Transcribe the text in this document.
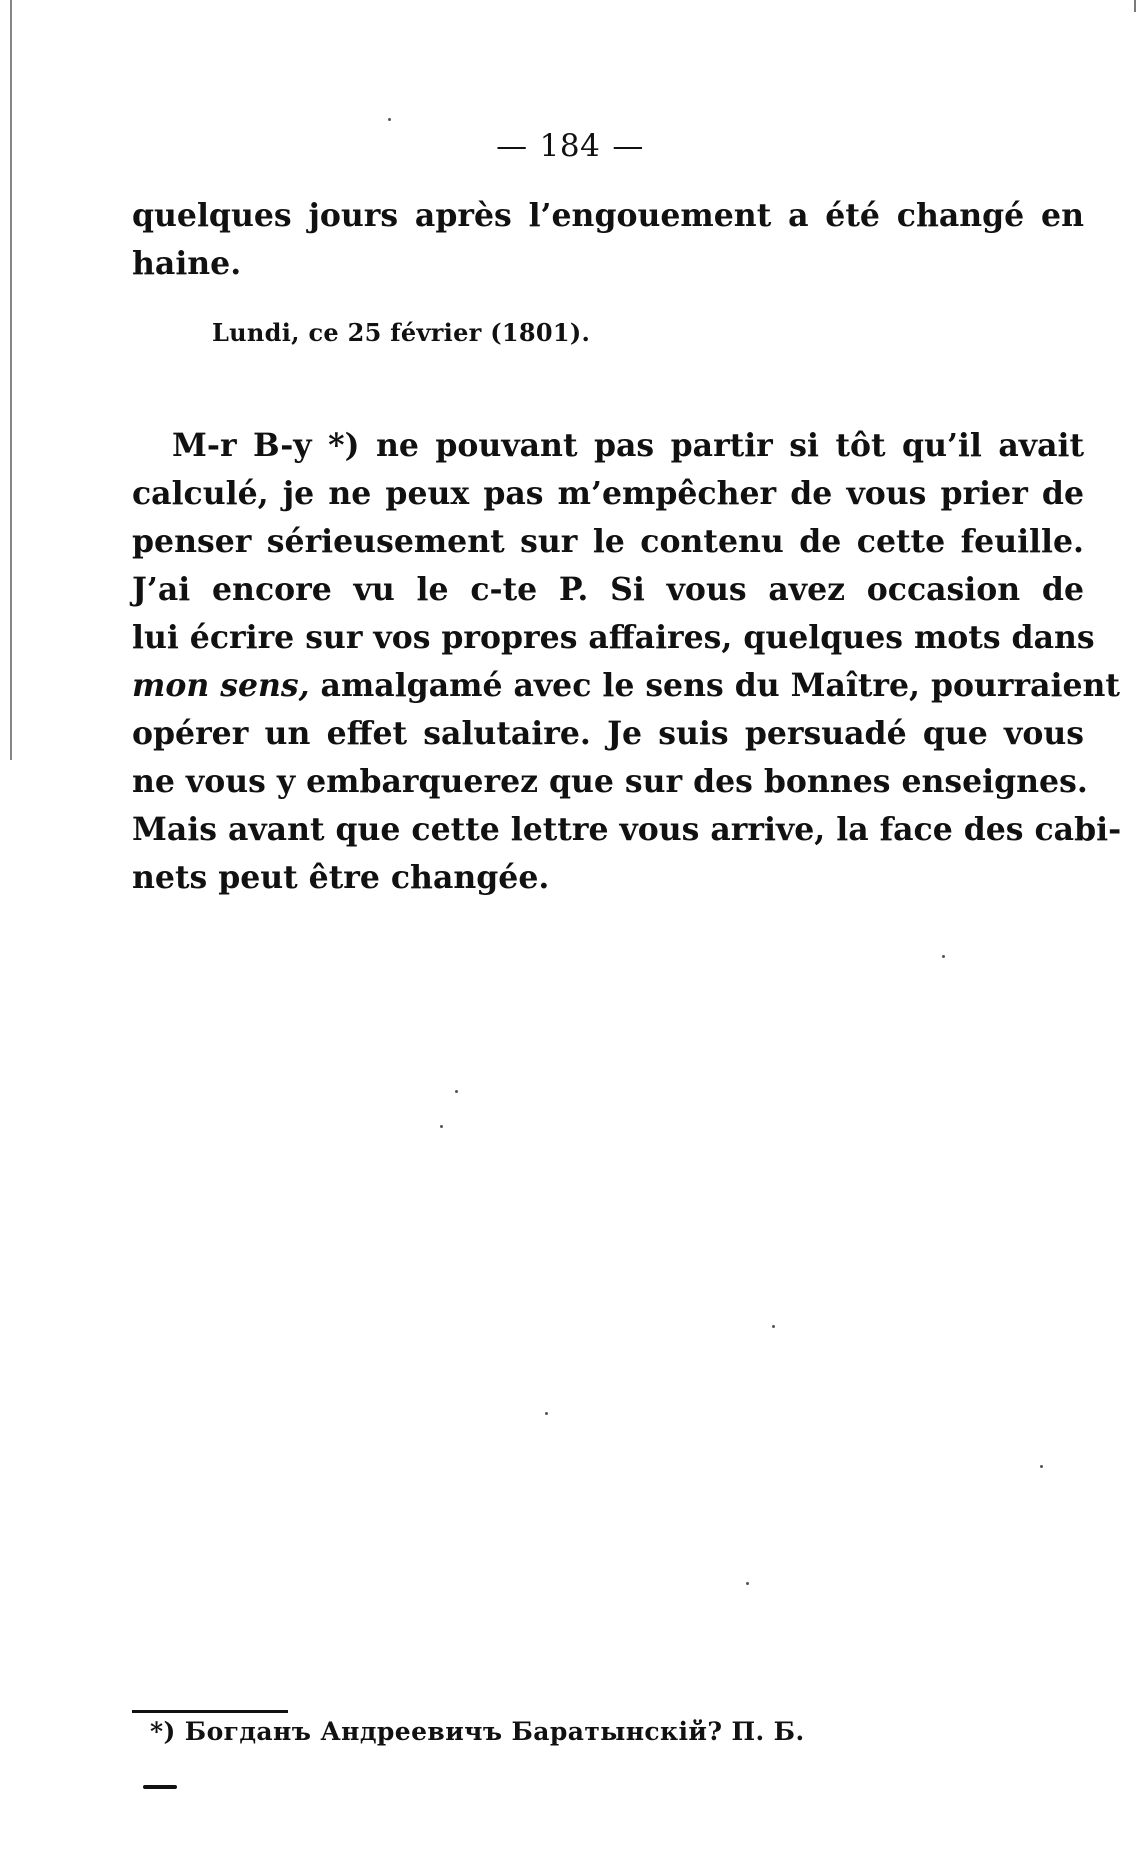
— 184 —
quelques jours après l’engouement a été changé en
haine.
Lundi, ce 25 février (1801).
M-r B-y *) ne pouvant pas partir si tôt qu’il avait
calculé, je ne peux pas m’empêcher de vous prier de
penser sérieusement sur le contenu de cette feuille.
J’ai encore vu le c-te P. Si vous avez occasion de
lui écrire sur vos propres affaires, quelques mots dans
mon sens, amalgamé avec le sens du Maître, pourraient
opérer un effet salutaire. Je suis persuadé que vous
ne vous y embarquerez que sur des bonnes enseignes.
Mais avant que cette lettre vous arrive, la face des cabi-
nets peut être changée.
*) Богданъ Андреевичъ Баратынскій? П. Б.
